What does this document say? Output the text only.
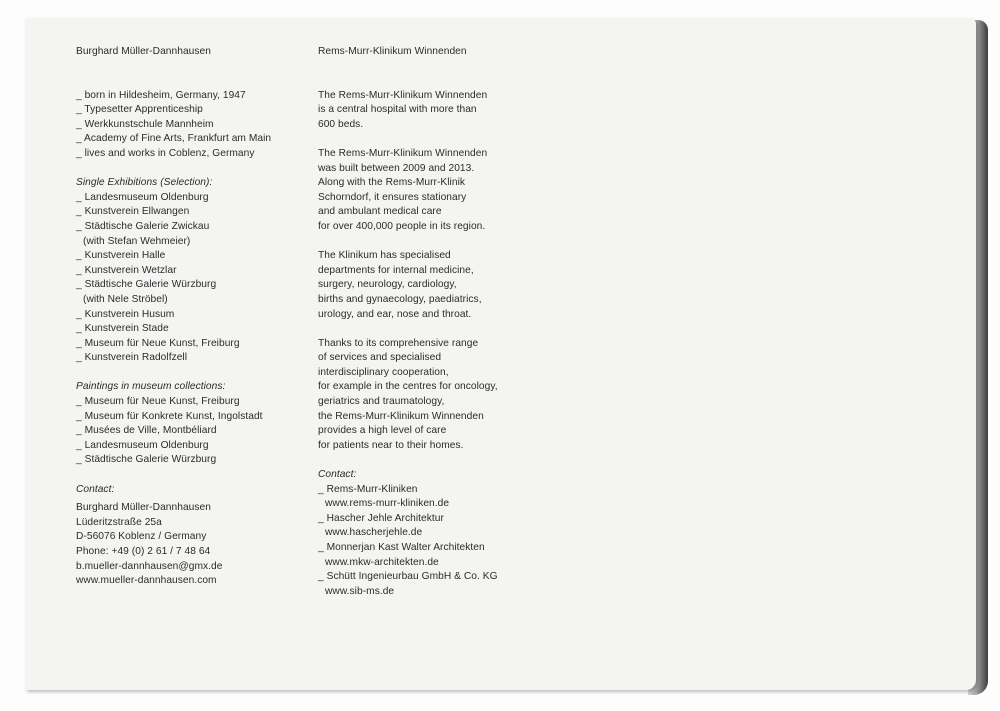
Burghard Müller-Dannhausen
_ born in Hildesheim, Germany, 1947
_ Typesetter Apprenticeship
_ Werkkunstschule Mannheim
_ Academy of Fine Arts, Frankfurt am Main
_ lives and works in Coblenz, Germany
Single Exhibitions (Selection):
_ Landesmuseum Oldenburg
_ Kunstverein Ellwangen
_ Städtische Galerie Zwickau
(with Stefan Wehmeier)
_ Kunstverein Halle
_ Kunstverein Wetzlar
_ Städtische Galerie Würzburg
(with Nele Ströbel)
_ Kunstverein Husum
_ Kunstverein Stade
_ Museum für Neue Kunst, Freiburg
_ Kunstverein Radolfzell
Paintings in museum collections:
_ Museum für Neue Kunst, Freiburg
_ Museum für Konkrete Kunst, Ingolstadt
_ Musées de Ville, Montbéliard
_ Landesmuseum Oldenburg
_ Städtische Galerie Würzburg
Contact:
Burghard Müller-Dannhausen
Lüderitzstraße 25a
D-56076 Koblenz / Germany
Phone: +49 (0) 2 61 / 7 48 64
b.mueller-dannhausen@gmx.de
www.mueller-dannhausen.com
Rems-Murr-Klinikum Winnenden
The Rems-Murr-Klinikum Winnenden
is a central hospital with more than
600 beds.
The Rems-Murr-Klinikum Winnenden
was built between 2009 and 2013.
Along with the Rems-Murr-Klinik
Schorndorf, it ensures stationary
and ambulant medical care
for over 400,000 people in its region.
The Klinikum has specialised
departments for internal medicine,
surgery, neurology, cardiology,
births and gynaecology, paediatrics,
urology, and ear, nose and throat.
Thanks to its comprehensive range
of services and specialised
interdisciplinary cooperation,
for example in the centres for oncology,
geriatrics and traumatology,
the Rems-Murr-Klinikum Winnenden
provides a high level of care
for patients near to their homes.
Contact:
_ Rems-Murr-Kliniken
www.rems-murr-kliniken.de
_ Hascher Jehle Architektur
www.hascherjehle.de
_ Monnerjan Kast Walter Architekten
www.mkw-architekten.de
_ Schütt Ingenieurbau GmbH & Co. KG
www.sib-ms.de
